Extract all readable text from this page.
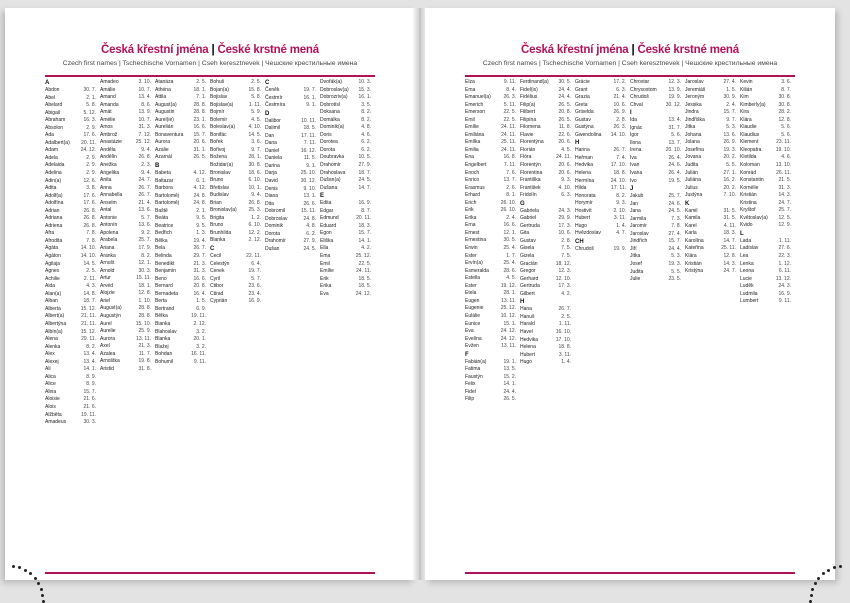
Česká křestní jména | České krstné mená
Czech first names | Tschechische Vornamen | Cseh keresztnevek | Чешские крестильные имена
A
Abdon	30. 7.
Abel	2. 1.
Abelard	5. 8.
Abigail	5. 12.
Abraham	16. 3.
Absolon	2. 9.
Ada	17. 6.
Adalbert(a) 20. 11.
Adam	24. 12.
Adela	2. 9.
Adelaida	2. 9.
Adelina	2. 9.
Adin(a)	12. 6.
Adita	3. 8.
Adolf(a)	17. 6.
Adolfína	17. 6.
Adrian	26. 8.
Adriana	26. 8.
Adriena	26. 8.
Afra	7. 8.
Afrodita	7. 8.
Agáta	14. 10.
Agáton	14. 10.
Agilaja	14. 5.
Agnes	2. 5.
Achilie	2. 11.
Aida	4. 3.
Alan(a)	14. 8.
Alban	18. 7.
Alberta	15. 12.
Albert(a)	21. 11.
Albertýna	21. 11.
Albín(a)	15. 12.
Alena	29. 11.
Alenka	8. 2.
Alex	13. 4.
Alexej	13. 4.
Ali	14. 1.
Alica	8. 9.
Alice	8. 9.
Alina	15. 7.
Aloisie	21. 6.
Alois	21. 6.
Alžběta	19. 11.
Amadeus	30. 3.
Amadeo	3. 10.
Amálie	10. 7.
Amand	13. 4.
Amanda	8. 6.
Amát	13. 9.
Amélie	10. 7.
Amos	31. 3.
Ambrož	7. 12.
Anastázie	25. 12.
Anděla	9. 4.
Andělín	26. 8.
Anežka	2. 3.
Angelika	9. 4.
Anita	24. 7.
Anna	26. 7.
Annabella	26. 7.
Anselm	21. 4.
Antal	13. 6.
Antonie	5. 7.
Antonín	13. 6.
Apolena	9. 2.
Arabela	25. 7.
Ariana	17. 9.
Aranka	8. 2.
Arnošt	12. 1.
Arnold	30. 3.
Artur	15. 11.
Arvéd	18. 1.
Alojzie	12. 8.
Ariel	1. 10.
August(a)	28. 8.
Augustýn	28. 8.
Aurel	15. 10.
Aurelie	25. 9.
Aurora	13. 11.
Axel	21. 3.
Azalea	11. 7.
Arnoštka	19. 8.
Aristid	31. 8.
Atanáza	2. 5.
Athéna	18. 1.
Attila	7. 1.
August(a)	28. 8.
Augustin	28. 8.
Aurel(ie)	23. 1.
Aurelián	16. 6.
Bonaventura 15. 7.
Aurora	20. 6.
Azalie	31. 1.
Azarnál	26. 5.
B
Babeta	4. 12.
Baltazar	6. 1.
Barbora	4. 12.
Bartoloměj	24. 8.
Bartoloměj	24. 8.
Baště	2. 1.
Beáta	9. 5.
Beatrice	9. 5.
Bedřich	1. 3.
Bělka	19. 4.
Bela	26. 7.
Belinda	29. 7.
Benedikt	21. 3.
Benjamin	31. 3.
Beno	16. 6.
Bernard	20. 8.
Bernadeta	16. 4.
Berta	1. 5.
Bertrand	6. 9.
Bětka	19. 11.
Bianka	2. 12.
Blahoslav	3. 2.
Blanka	20. 1.
Blažej	3. 2.
Bohdan	16. 11.
Bohumil	9. 11.
Bohuš	2. 5.
Bojan(a)	15. 8.
Bojislav	5. 8.
Bojislav(a)	1. 11.
Bojmír	5. 9.
Bolemír	4. 5.
Boleslav(a)	4. 10.
Bonifác	14. 5.
Bořek	3. 6.
Bořivoj	9. 7.
Božena	28. 1.
Božidar(a)	30. 8.
Bronislav	18. 6.
Bruno	6. 10.
Břetislav	10. 1.
Budislav	9. 4.
Brian	26. 8.
Bronislav(a) 25. 3.
Brigita	1. 2.
Bruno	6. 10.
Brunhilda	12. 2.
Blanka	2. 12.
C
Cecil	22. 11.
Celestýn	6. 4.
Cenek	19. 7.
Cyril	5. 7.
Ctibor	23. 6.
Ctirad	23. 4.
Cyprián	16. 9.
Č
Čeněk	19. 7.
Čestmír	16. 1.
Čestmíra	9. 1.
D
Dalibor	10. 11.
Dalimil	18. 5.
Dan	17. 11.
Dana	7. 11.
Daniel	16. 12.
Daniela	11. 5.
Darina	9. 1.
Darja	25. 10.
David	30. 12.
Denis	9. 10.
Diana	13. 1.
Dita	26. 6.
Dobromil	15. 11.
Dobroslav	24. 8.
Dominik	4. 8.
Dorota	6. 2.
Drahomír	27. 9.
Dušan	24. 5.
Dvořák(a)	10. 3.
Dobroslav(a) 15. 3.
Dobrozriv(a) 16. 1.
Dobrotísl	3. 5.
Doksana	8. 2.
Domálka	8. 2.
Dominik(a)	4. 8.
Doris	4. 6.
Dorotea	6. 2.
Dorota	6. 2.
Doubravka	10. 5.
Drahomír	27. 9.
Drahoslava	18. 7.
Dušan(a)	24. 5.
Dušana	14. 7.
E
Edita	16. 9.
Edgar	8. 7.
Edmund	20. 11.
Eduard	18. 3.
Egon	15. 7.
Eliška	14. 1.
Ella	4. 2.
Ema	25. 12.
Emil	22. 5.
Emílie	24. 11.
Erik	18. 5.
Erika	18. 5.
Eva	24. 12.
Česká křestní jména | České krstné mená
Czech first names | Tschechische Vornamen | Cseh keresztnevek | Чешские крестильные имена
Elza	9. 11.
Ema	8. 4.
Emanuel(a)	26. 3.
Emerich	5. 11.
Emerson	22. 5.
Emil	22. 5.
Emílie	24. 11.
Emiliána	24. 11.
Emílka	25. 11.
Emilia	24. 11.
Ena	16. 8.
Engelbert	7. 11.
Enoch	7. 6.
Enrico	13. 7.
Erasmus	2. 6.
Erhard	8. 1.
Erich	26. 10.
Erik	26. 10.
Erika	2. 4.
Erna	16. 6.
Ernest	12. 1.
Ernestina	30. 5.
Erwin	25. 4.
Ester	1. 7.
Ervín(a)	25. 4.
Esmeralda	28. 6.
Estella	4. 5.
Ester	19. 12.
Etela	28. 1.
Eugen	13. 11.
Eugenie	25. 12.
Eulálie	10. 12.
Eunice	15. 1.
Eva	24. 12.
Evelína	24. 12.
Evžen	13. 11.
F
Fabián(a)	19. 1.
Fatima	13. 5.
Faustýn	15. 2.
Felix	14. 1.
Fidel	24. 4.
Filip	26. 5.
Ferdinand(a) 30. 5.
Fidel(is)	24. 4.
Fidélius	24. 4.
Filip(a)	26. 5.
Filibert	20. 8.
Filipína	26. 5.
Filomena	11. 8.
Flavie	22. 6.
Florentýna	20. 6.
Florián	4. 5.
Flóra	24. 11.
Florentýn	20. 6.
Florentina	20. 6.
Františka	9. 3.
František	4. 10.
Fridolín	6. 3.
G
Gabriela	24. 3.
Gabriel	29. 9.
Gertruda	17. 3.
Gita	10. 6.
Gustav	2. 8.
Gisela	7. 5.
Gizela	7. 5.
Gracián	18. 12.
Gregor	12. 3.
Gerhard	12. 10.
Gertruda	17. 3.
Gilbert	4. 2.
H
Hana	26. 7.
Hanuš	2. 5.
Harald	1. 11.
Havel	16. 10.
Hedvika	17. 10.
Helena	18. 8.
Hubert	3. 11.
Hugo	1. 4.
Grácie	17. 2.
Grant	6. 3.
Grazia	21. 4.
Greta	10. 6.
Griselda	26. 9.
Gustav	2. 8.
Gustýna	26. 3.
Gwendolina 14. 10.
H
Hanna	26. 7.
Heřman	7. 4.
Hedvika	17. 10.
Helena	18. 8.
Hermína	24. 10.
Hilda	17. 11.
Honorata	8. 2.
Horymír	9. 3.
Hostivít	2. 10.
Hubert	3. 11.
Hugo	1. 4.
Hvězdoslav	4. 7.
CH
Chrudoš	19. 9.
Chrostar	12. 3.
Chrysostom 13. 9.
Chrudoš	19. 9.
Chval	30. 12.
I
Ida	13. 4.
Ignác	31. 7.
Igor	5. 6.
Ilona	13. 7.
Irena	20. 10.
Iva	26. 4.
Ivan	24. 6.
Ivana	26. 4.
Ivo	19. 5.
J
Jakub	25. 7.
Jan	24. 6.
Jana	24. 5.
Jarmila	7. 3.
Jaromír	7. 8.
Jaroslav	27. 4.
Jindřich	15. 7.
Jiří	24. 4.
Jitka	5. 3.
Josef	19. 3.
Judita	5. 5.
Julie	23. 5.
Jaroslav	27. 4.
Jeremiáš	1. 5.
Jeroným	30. 9.
Jessika	2. 4.
Jindra	15. 7.
Jindřiška	9. 7.
Jitka	5. 3.
Johana	13. 6.
Jolana	26. 9.
Josefína	19. 3.
Jovana	20. 2.
Judita	5. 5.
Julián	27. 1.
Juliána	16. 2.
Julius	20. 2.
Justýna	7. 10.
K
Kamil	31. 5.
Kamila	31. 5.
Karel	4. 11.
Karla	18. 3.
Karolína	14. 7.
Kateřina	25. 11.
Klára	12. 8.
Kristián	14. 3.
Kristýna	24. 7.
Kevin	3. 6.
Kilián	8. 7.
Kim	30. 8.
Kimberly(a)	30. 8.
Kira	28. 2.
Klára	12. 8.
Klaudie	5. 6.
Klaudius	5. 6.
Klement	23. 11.
Kleopatra	19. 10.
Klotilda	4. 6.
Koloman	13. 10.
Konrád	26. 11.
Konstantin	21. 5.
Kornélie	31. 3.
Kristián	14. 3.
Kristina	24. 7.
Kryštof	25. 7.
Květoslav(a) 12. 5.
Kvido	12. 9.
L
Lada	1. 11.
Ladislav	27. 6.
Lea	22. 3.
Lenka	1. 12.
Leona	6. 11.
Lucie	13. 12.
Luděk	24. 3.
Ludmila	16. 9.
Lumbert	9. 11.
